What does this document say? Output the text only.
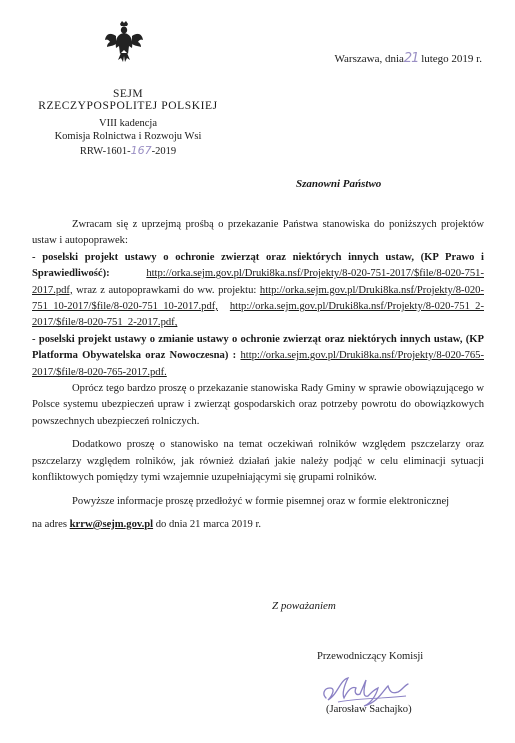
SEJM
RZECZYPOSPOLITEJ POLSKIEJ
VIII kadencja
Komisja Rolnictwa i Rozwoju Wsi
RRW-1601-167-2019
Warszawa, dnia21 lutego 2019 r.
Szanowni Państwo

Zwracam się z uprzejmą prośbą o przekazanie Państwa stanowiska do poniższych projektów ustaw i autopoprawek:

- poselski projekt ustawy o ochronie zwierząt oraz niektórych innych ustaw, (KP Prawo i Sprawiedliwość):	http://orka.sejm.gov.pl/Druki8ka.nsf/Projekty/8-020-751-2017/$file/8-020-751-2017.pdf, wraz z autopoprawkami do ww. projektu: http://orka.sejm.gov.pl/Druki8ka.nsf/Projekty/8-020-751_10-2017/$file/8-020-751_10-2017.pdf, http://orka.sejm.gov.pl/Druki8ka.nsf/Projekty/8-020-751_2-2017/$file/8-020-751_2-2017.pdf,

- poselski projekt ustawy o zmianie ustawy o ochronie zwierząt oraz niektórych innych ustaw, (KP Platforma Obywatelska oraz Nowoczesna) : http://orka.sejm.gov.pl/Druki8ka.nsf/Projekty/8-020-765-2017/$file/8-020-765-2017.pdf.

Oprócz tego bardzo proszę o przekazanie stanowiska Rady Gminy w sprawie obowiązującego w Polsce systemu ubezpieczeń upraw i zwierząt gospodarskich oraz potrzeby powrotu do obowiązkowych powszechnych ubezpieczeń rolniczych.

Dodatkowo proszę o stanowisko na temat oczekiwań rolników względem pszczelarzy oraz pszczelarzy względem rolników, jak również działań jakie należy podjąć w celu eliminacji sytuacji konfliktowych pomiędzy tymi wzajemnie uzupełniającymi się grupami rolników.

Powyższe informacje proszę przedłożyć w formie pisemnej oraz w formie elektronicznej

na adres krrw@sejm.gov.pl do dnia 21 marca 2019 r.

Z poważaniem
Przewodniczący Komisji
(Jarosław Sachajko)
